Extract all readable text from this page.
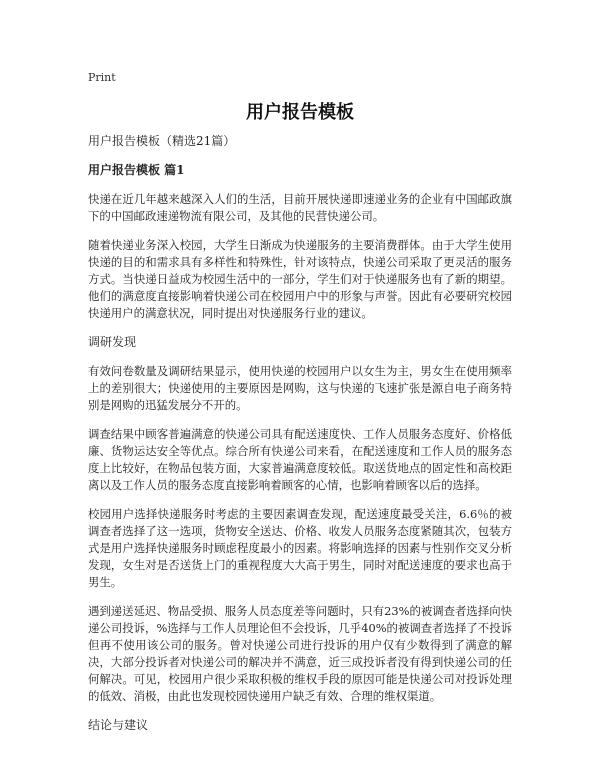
Print
用户报告模板

用户报告模板（精选21篇）

用户报告模板 篇1

快递在近几年越来越深入人们的生活，目前开展快递即速递业务的企业有中国邮政旗下的中国邮政速递物流有限公司，及其他的民营快递公司。

随着快递业务深入校园，大学生日渐成为快递服务的主要消费群体。由于大学生使用快递的目的和需求具有多样性和特殊性，针对该特点，快递公司采取了更灵活的服务方式。当快递日益成为校园生活中的一部分，学生们对于快递服务也有了新的期望。他们的满意度直接影响着快递公司在校园用户中的形象与声誉。因此有必要研究校园快递用户的满意状况，同时提出对快递服务行业的建议。

调研发现

有效问卷数量及调研结果显示，使用快递的校园用户以女生为主，男女生在使用频率上的差别很大；快递使用的主要原因是网购，这与快递的飞速扩张是源自电子商务特别是网购的迅猛发展分不开的。

调查结果中顾客普遍满意的快递公司具有配送速度快、工作人员服务态度好、价格低廉、货物运达安全等优点。综合所有快递公司来看，在配送速度和工作人员的服务态度上比较好，在物品包装方面，大家普遍满意度较低。取送货地点的固定性和高校距离以及工作人员的服务态度直接影响着顾客的心情，也影响着顾客以后的选择。

校园用户选择快递服务时考虑的主要因素调查发现，配送速度最受关注，6.6％的被调查者选择了这一选项，货物安全送达、价格、收发人员服务态度紧随其次，包装方式是用户选择快递服务时顾虑程度最小的因素。将影响选择的因素与性别作交叉分析发现，女生对是否送货上门的重视程度大大高于男生，同时对配送速度的要求也高于男生。

遇到递送延迟、物品受损、服务人员态度差等问题时，只有23%的被调查者选择向快递公司投诉，%选择与工作人员理论但不会投诉，几乎40%的被调查者选择了不投诉但再不使用该公司的服务。曾对快递公司进行投诉的用户仅有少数得到了满意的解决，大部分投诉者对快递公司的解决并不满意，近三成投诉者没有得到快递公司的任何解决。可见，校园用户很少采取积极的维权手段的原因可能是快递公司对投诉处理的低效、消极，由此也发现校园快递用户缺乏有效、合理的维权渠道。

结论与建议
